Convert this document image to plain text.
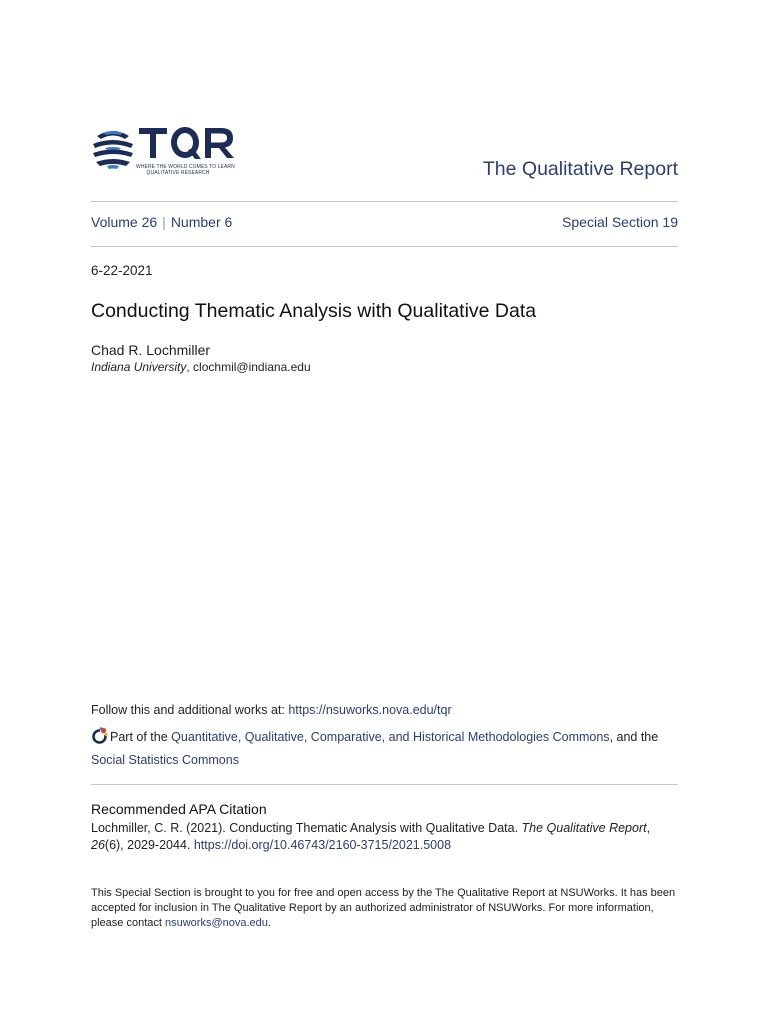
WHERE THE WORLD COMES TO LEARN
QUALITATIVE RESEARCH	The Qualitative Report
Volume 26 | Number 6	Special Section 19
6-22-2021
Conducting Thematic Analysis with Qualitative Data
Chad R. Lochmiller
Indiana University, clochmil@indiana.edu
Follow this and additional works at: https://nsuworks.nova.edu/tqr
Part of the Quantitative, Qualitative, Comparative, and Historical Methodologies Commons, and the
Social Statistics Commons
Recommended APA Citation
Lochmiller, C. R. (2021). Conducting Thematic Analysis with Qualitative Data. The Qualitative Report, 26(6), 2029-2044. https://doi.org/10.46743/2160-3715/2021.5008
This Special Section is brought to you for free and open access by the The Qualitative Report at NSUWorks. It has been accepted for inclusion in The Qualitative Report by an authorized administrator of NSUWorks. For more information, please contact nsuworks@nova.edu.
